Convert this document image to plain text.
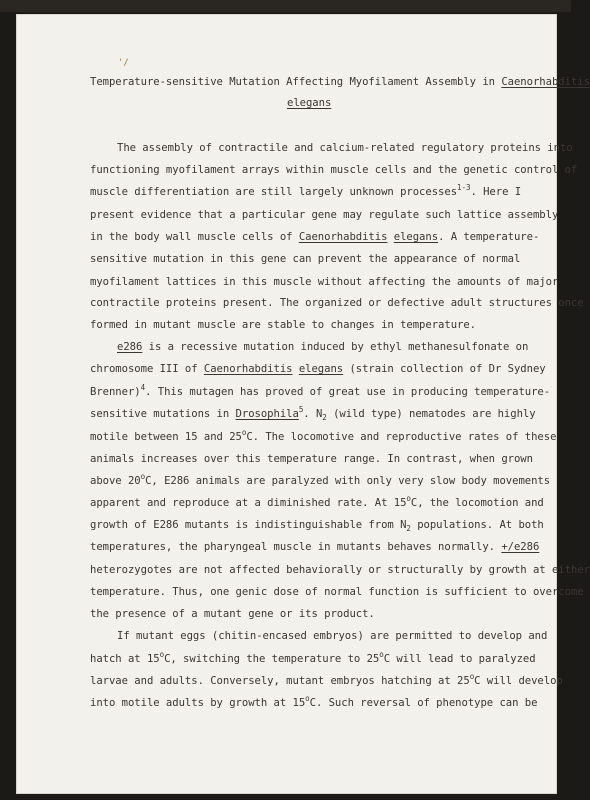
'/
Temperature-sensitive Mutation Affecting Myofilament Assembly in Caenorhabditis
elegans
The assembly of contractile and calcium-related regulatory proteins into
functioning myofilament arrays within muscle cells and the genetic control of
muscle differentiation are still largely unknown processes$^{1-3}$. Here I
present evidence that a particular gene may regulate such lattice assembly
in the body wall muscle cells of Caenorhabditis elegans. A temperature-
sensitive mutation in this gene can prevent the appearance of normal
myofilament lattices in this muscle without affecting the amounts of major
contractile proteins present. The organized or defective adult structures once
formed in mutant muscle are stable to changes in temperature.
e286 is a recessive mutation induced by ethyl methanesulfonate on
chromosome III of Caenorhabditis elegans (strain collection of Dr Sydney
Brenner)$^4$. This mutagen has proved of great use in producing temperature-
sensitive mutations in Drosophila$^5$. $N_2$ (wild type) nematodes are highly
motile between 15 and 25$^o$C. The locomotive and reproductive rates of these
animals increases over this temperature range. In contrast, when grown
above 20$^o$C, E286 animals are paralyzed with only very slow body movements
apparent and reproduce at a diminished rate. At 15$^o$C, the locomotion and
growth of E286 mutants is indistinguishable from $N_2$ populations. At both
temperatures, the pharyngeal muscle in mutants behaves normally. +/e286
heterozygotes are not affected behaviorally or structurally by growth at either
temperature. Thus, one genic dose of normal function is sufficient to overcome
the presence of a mutant gene or its product.
If mutant eggs (chitin-encased embryos) are permitted to develop and
hatch at 15$^o$C, switching the temperature to 25$^o$C will lead to paralyzed
larvae and adults. Conversely, mutant embryos hatching at 25$^o$C will develop
into motile adults by growth at 15$^o$C. Such reversal of phenotype can be
